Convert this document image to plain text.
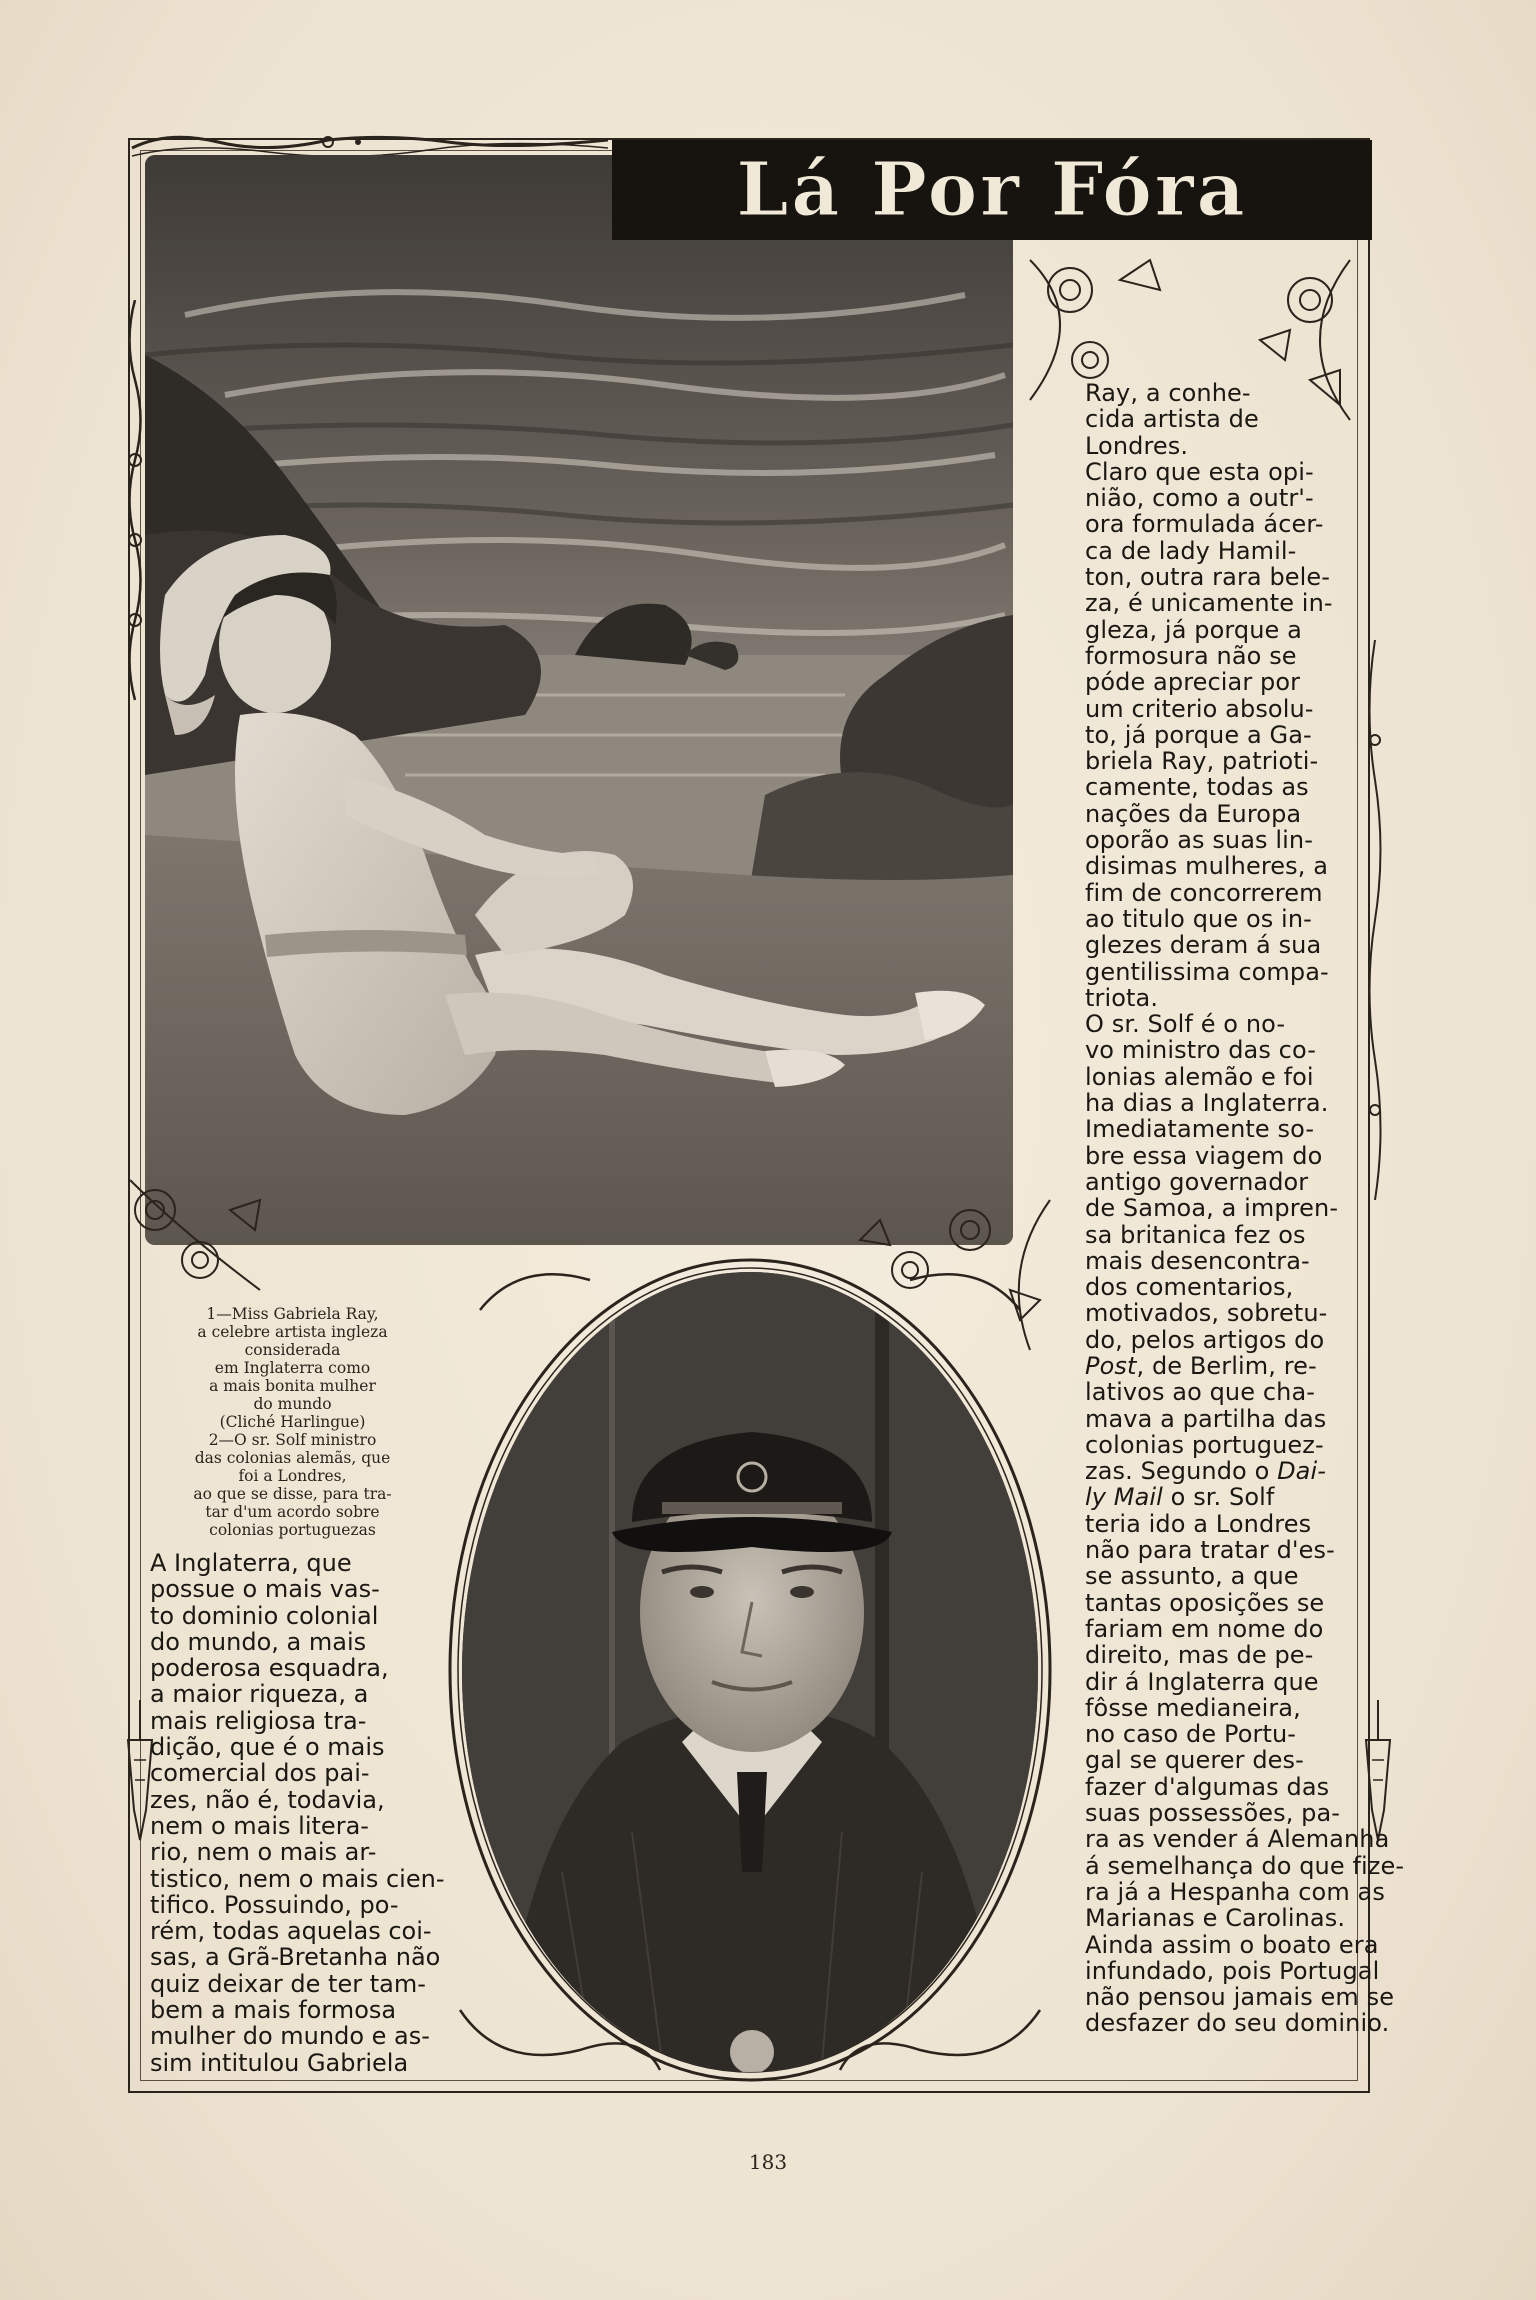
Lá Por Fóra
1—Miss Gabriela Ray,
a celebre artista ingleza
considerada
em Inglaterra como
a mais bonita mulher
do mundo
(Cliché Harlingue)
2—O sr. Solf ministro
das colonias alemãs, que
foi a Londres,
ao que se disse, para tra-
tar d'um acordo sobre
colonias portuguezas
A Inglaterra, que
possue o mais vas-
to dominio colonial
do mundo, a mais
poderosa esquadra,
a maior riqueza, a
mais religiosa tra-
dição, que é o mais
comercial dos pai-
zes, não é, todavia,
nem o mais litera-
rio, nem o mais ar-
tistico, nem o mais cien-
tifico. Possuindo, po-
rém, todas aquelas coi-
sas, a Grã-Bretanha não
quiz deixar de ter tam-
bem a mais formosa
mulher do mundo e as-
sim intitulou Gabriela
Ray, a conhe-
cida artista de
Londres.
Claro que esta opi-
nião, como a outr'-
ora formulada ácer-
ca de lady Hamil-
ton, outra rara bele-
za, é unicamente in-
gleza, já porque a
formosura não se
póde apreciar por
um criterio absolu-
to, já porque a Ga-
briela Ray, patrioti-
camente, todas as
nações da Europa
oporão as suas lin-
disimas mulheres, a
fim de concorrerem
ao titulo que os in-
glezes deram á sua
gentilissima compa-
triota.
O sr. Solf é o no-
vo ministro das co-
lonias alemão e foi
ha dias a Inglaterra.
Imediatamente so-
bre essa viagem do
antigo governador
de Samoa, a impren-
sa britanica fez os
mais desencontra-
dos comentarios,
motivados, sobretu-
do, pelos artigos do
Post, de Berlim, re-
lativos ao que cha-
mava a partilha das
colonias portuguez-
zas. Segundo o Dai-
ly Mail o sr. Solf
teria ido a Londres
não para tratar d'es-
se assunto, a que
tantas oposições se
fariam em nome do
direito, mas de pe-
dir á Inglaterra que
fôsse medianeira,
no caso de Portu-
gal se querer des-
fazer d'algumas das
suas possessões, pa-
ra as vender á Alemanha
á semelhança do que fize-
ra já a Hespanha com as
Marianas e Carolinas.
Ainda assim o boato era
infundado, pois Portugal
não pensou jamais em se
desfazer do seu dominio.
183
